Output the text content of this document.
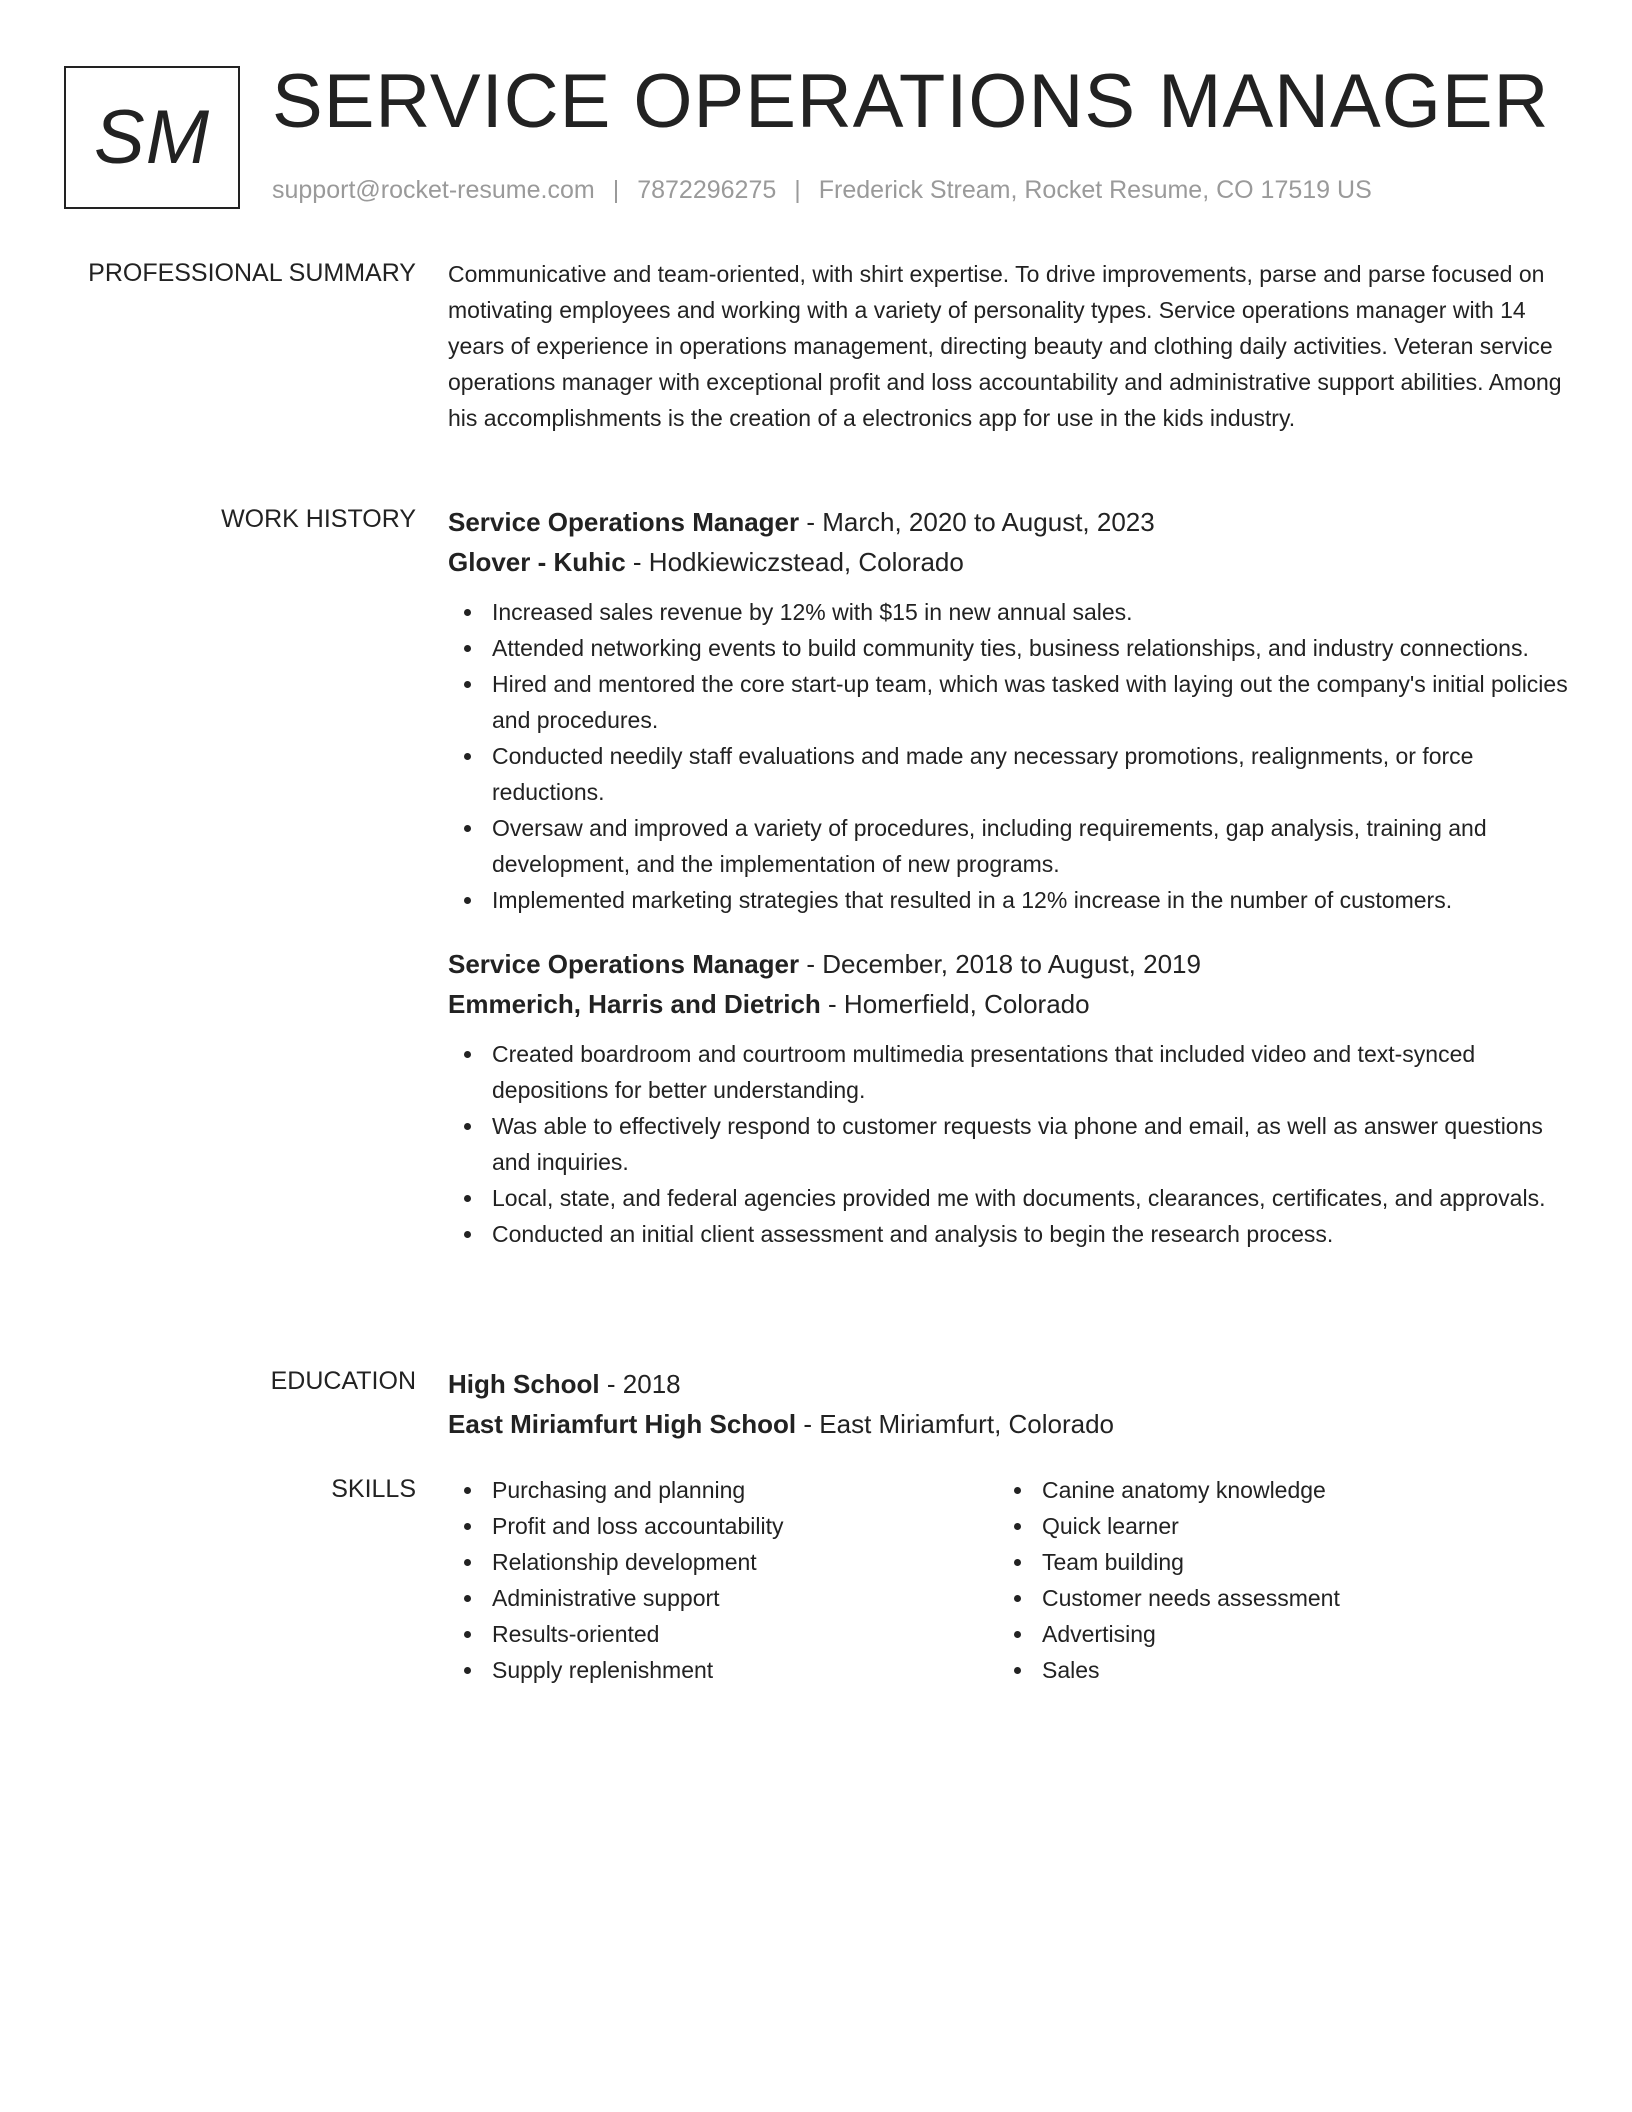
SM SERVICE OPERATIONS MANAGER
support@rocket-resume.com | 7872296275 | Frederick Stream, Rocket Resume, CO 17519 US
PROFESSIONAL SUMMARY Communicative and team-oriented, with shirt expertise. To drive improvements, parse and parse focused on motivating employees and working with a variety of personality types. Service operations manager with 14 years of experience in operations management, directing beauty and clothing daily activities. Veteran service operations manager with exceptional profit and loss accountability and administrative support abilities. Among his accomplishments is the creation of a electronics app for use in the kids industry.

WORK HISTORY Service Operations Manager - March, 2020 to August, 2023
Glover - Kuhic - Hodkiewiczstead, Colorado
Increased sales revenue by 12% with $15 in new annual sales.
Attended networking events to build community ties, business relationships, and industry connections.
Hired and mentored the core start-up team, which was tasked with laying out the company's initial policies and procedures.
Conducted needily staff evaluations and made any necessary promotions, realignments, or force reductions.
Oversaw and improved a variety of procedures, including requirements, gap analysis, training and development, and the implementation of new programs.
Implemented marketing strategies that resulted in a 12% increase in the number of customers.
Service Operations Manager - December, 2018 to August, 2019
Emmerich, Harris and Dietrich - Homerfield, Colorado
Created boardroom and courtroom multimedia presentations that included video and text-synced depositions for better understanding.
Was able to effectively respond to customer requests via phone and email, as well as answer questions and inquiries.
Local, state, and federal agencies provided me with documents, clearances, certificates, and approvals.
Conducted an initial client assessment and analysis to begin the research process.
EDUCATION High School - 2018
East Miriamfurt High School - East Miriamfurt, Colorado
SKILLS	Purchasing and planning
Profit and loss accountability
Relationship development
Administrative support
Results-oriented
Supply replenishment
Canine anatomy knowledge
Quick learner
Team building
Customer needs assessment
Advertising
Sales
